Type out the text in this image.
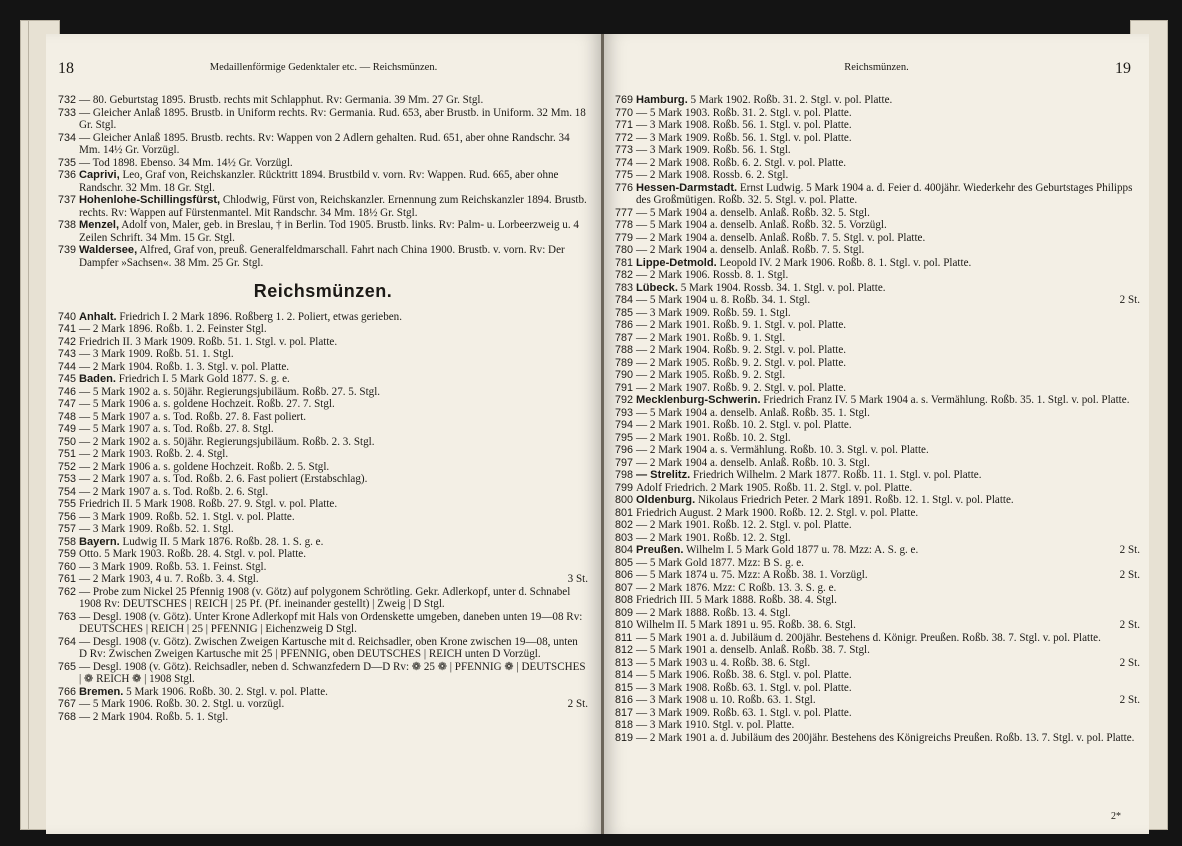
18	Medaillenförmige Gedenktaler etc. — Reichsmünzen.
732 — 80. Geburtstag 1895. Brustb. rechts mit Schlapphut. Rv: Germania. 39 Mm. 27 Gr. Stgl.
733 — Gleicher Anlaß 1895. Brustb. in Uniform rechts. Rv: Germania. Rud. 653, aber Brustb. in Uniform. 32 Mm. 18 Gr. Stgl.
734 — Gleicher Anlaß 1895. Brustb. rechts. Rv: Wappen von 2 Adlern gehalten. Rud. 651, aber ohne Randschr. 34 Mm. 14½ Gr. Vorzügl.
735 — Tod 1898. Ebenso. 34 Mm. 14½ Gr. Vorzügl.
736 Caprivi, Leo, Graf von, Reichskanzler. Rücktritt 1894. Brustbild v. vorn. Rv: Wappen. Rud. 665, aber ohne Randschr. 32 Mm. 18 Gr. Stgl.
737 Hohenlohe-Schillingsfürst, Chlodwig, Fürst von, Reichskanzler. Ernennung zum Reichskanzler 1894. Brustb. rechts. Rv: Wappen auf Fürstenmantel. Mit Randschr. 34 Mm. 18½ Gr. Stgl.
738 Menzel, Adolf von, Maler, geb. in Breslau, † in Berlin. Tod 1905. Brustb. links. Rv: Palm- u. Lorbeerzweig u. 4 Zeilen Schrift. 34 Mm. 15 Gr. Stgl.
739 Waldersee, Alfred, Graf von, preuß. Generalfeldmarschall. Fahrt nach China 1900. Brustb. v. vorn. Rv: Der Dampfer »Sachsen«. 38 Mm. 25 Gr. Stgl.
Reichsmünzen.
740 Anhalt. Friedrich I. 2 Mark 1896. Roßberg 1. 2. Poliert, etwas gerieben.
741 — 2 Mark 1896. Roßb. 1. 2. Feinster Stgl.
742 Friedrich II. 3 Mark 1909. Roßb. 51. 1. Stgl. v. pol. Platte.
743 — 3 Mark 1909. Roßb. 51. 1. Stgl.
744 — 2 Mark 1904. Roßb. 1. 3. Stgl. v. pol. Platte.
745 Baden. Friedrich I. 5 Mark Gold 1877. S. g. e.
746 — 5 Mark 1902 a. s. 50jähr. Regierungsjubiläum. Roßb. 27. 5. Stgl.
747 — 5 Mark 1906 a. s. goldene Hochzeit. Roßb. 27. 7. Stgl.
748 — 5 Mark 1907 a. s. Tod. Roßb. 27. 8. Fast poliert.
749 — 5 Mark 1907 a. s. Tod. Roßb. 27. 8. Stgl.
750 — 2 Mark 1902 a. s. 50jähr. Regierungsjubiläum. Roßb. 2. 3. Stgl.
751 — 2 Mark 1903. Roßb. 2. 4. Stgl.
752 — 2 Mark 1906 a. s. goldene Hochzeit. Roßb. 2. 5. Stgl.
753 — 2 Mark 1907 a. s. Tod. Roßb. 2. 6. Fast poliert (Erstabschlag).
754 — 2 Mark 1907 a. s. Tod. Roßb. 2. 6. Stgl.
755 Friedrich II. 5 Mark 1908. Roßb. 27. 9. Stgl. v. pol. Platte.
756 — 3 Mark 1909. Roßb. 52. 1. Stgl. v. pol. Platte.
757 — 3 Mark 1909. Roßb. 52. 1. Stgl.
758 Bayern. Ludwig II. 5 Mark 1876. Roßb. 28. 1. S. g. e.
759 Otto. 5 Mark 1903. Roßb. 28. 4. Stgl. v. pol. Platte.
760 — 3 Mark 1909. Roßb. 53. 1. Feinst. Stgl.
3 St.
761 — 2 Mark 1903, 4 u. 7. Roßb. 3. 4. Stgl.
762 — Probe zum Nickel 25 Pfennig 1908 (v. Götz) auf polygonem Schrötling. Gekr. Adlerkopf, unter d. Schnabel 1908 Rv: DEUTSCHES | REICH | 25 Pf. (Pf. ineinander gestellt) | Zweig | D Stgl.
763 — Desgl. 1908 (v. Götz). Unter Krone Adlerkopf mit Hals von Ordenskette umgeben, daneben unten 19—08 Rv: DEUTSCHES | REICH | 25 | PFENNIG | Eichenzweig D Stgl.
764 — Desgl. 1908 (v. Götz). Zwischen Zweigen Kartusche mit d. Reichsadler, oben Krone zwischen 19—08, unten D Rv: Zwischen Zweigen Kartusche mit 25 | PFENNIG, oben DEUTSCHES | REICH unten D Vorzügl.
765 — Desgl. 1908 (v. Götz). Reichsadler, neben d. Schwanzfedern D—D Rv: ❁ 25 ❁ | PFENNIG ❁ | DEUTSCHES | ❁ REICH ❁ | 1908 Stgl.
766 Bremen. 5 Mark 1906. Roßb. 30. 2. Stgl. v. pol. Platte.
2 St.
767 — 5 Mark 1906. Roßb. 30. 2. Stgl. u. vorzügl.
768 — 2 Mark 1904. Roßb. 5. 1. Stgl.
Reichsmünzen.	19
769 Hamburg. 5 Mark 1902. Roßb. 31. 2. Stgl. v. pol. Platte.
770 — 5 Mark 1903. Roßb. 31. 2. Stgl. v. pol. Platte.
771 — 3 Mark 1908. Roßb. 56. 1. Stgl. v. pol. Platte.
772 — 3 Mark 1909. Roßb. 56. 1. Stgl. v. pol. Platte.
773 — 3 Mark 1909. Roßb. 56. 1. Stgl.
774 — 2 Mark 1908. Roßb. 6. 2. Stgl. v. pol. Platte.
775 — 2 Mark 1908. Rossb. 6. 2. Stgl.
776 Hessen-Darmstadt. Ernst Ludwig. 5 Mark 1904 a. d. Feier d. 400jähr. Wiederkehr des Geburtstages Philipps des Großmütigen. Roßb. 32. 5. Stgl. v. pol. Platte.
777 — 5 Mark 1904 a. denselb. Anlaß. Roßb. 32. 5. Stgl.
778 — 5 Mark 1904 a. denselb. Anlaß. Roßb. 32. 5. Vorzügl.
779 — 2 Mark 1904 a. denselb. Anlaß. Roßb. 7. 5. Stgl. v. pol. Platte.
780 — 2 Mark 1904 a. denselb. Anlaß. Roßb. 7. 5. Stgl.
781 Lippe-Detmold. Leopold IV. 2 Mark 1906. Roßb. 8. 1. Stgl. v. pol. Platte.
782 — 2 Mark 1906. Rossb. 8. 1. Stgl.
783 Lübeck. 5 Mark 1904. Rossb. 34. 1. Stgl. v. pol. Platte.
2 St.
784 — 5 Mark 1904 u. 8. Roßb. 34. 1. Stgl.
785 — 3 Mark 1909. Roßb. 59. 1. Stgl.
786 — 2 Mark 1901. Roßb. 9. 1. Stgl. v. pol. Platte.
787 — 2 Mark 1901. Roßb. 9. 1. Stgl.
788 — 2 Mark 1904. Roßb. 9. 2. Stgl. v. pol. Platte.
789 — 2 Mark 1905. Roßb. 9. 2. Stgl. v. pol. Platte.
790 — 2 Mark 1905. Roßb. 9. 2. Stgl.
791 — 2 Mark 1907. Roßb. 9. 2. Stgl. v. pol. Platte.
792 Mecklenburg-Schwerin. Friedrich Franz IV. 5 Mark 1904 a. s. Vermählung. Roßb. 35. 1. Stgl. v. pol. Platte.
793 — 5 Mark 1904 a. denselb. Anlaß. Roßb. 35. 1. Stgl.
794 — 2 Mark 1901. Roßb. 10. 2. Stgl. v. pol. Platte.
795 — 2 Mark 1901. Roßb. 10. 2. Stgl.
796 — 2 Mark 1904 a. s. Vermählung. Roßb. 10. 3. Stgl. v. pol. Platte.
797 — 2 Mark 1904 a. denselb. Anlaß. Roßb. 10. 3. Stgl.
798 — Strelitz. Friedrich Wilhelm. 2 Mark 1877. Roßb. 11. 1. Stgl. v. pol. Platte.
799 Adolf Friedrich. 2 Mark 1905. Roßb. 11. 2. Stgl. v. pol. Platte.
800 Oldenburg. Nikolaus Friedrich Peter. 2 Mark 1891. Roßb. 12. 1. Stgl. v. pol. Platte.
801 Friedrich August. 2 Mark 1900. Roßb. 12. 2. Stgl. v. pol. Platte.
802 — 2 Mark 1901. Roßb. 12. 2. Stgl. v. pol. Platte.
803 — 2 Mark 1901. Roßb. 12. 2. Stgl.
2 St.
804 Preußen. Wilhelm I. 5 Mark Gold 1877 u. 78. Mzz: A. S. g. e.
805 — 5 Mark Gold 1877. Mzz: B S. g. e.
2 St.
806 — 5 Mark 1874 u. 75. Mzz: A Roßb. 38. 1. Vorzügl.
807 — 2 Mark 1876. Mzz: C Roßb. 13. 3. S. g. e.
808 Friedrich III. 5 Mark 1888. Roßb. 38. 4. Stgl.
809 — 2 Mark 1888. Roßb. 13. 4. Stgl.
2 St.
810 Wilhelm II. 5 Mark 1891 u. 95. Roßb. 38. 6. Stgl.
811 — 5 Mark 1901 a. d. Jubiläum d. 200jähr. Bestehens d. Königr. Preußen. Roßb. 38. 7. Stgl. v. pol. Platte.
812 — 5 Mark 1901 a. denselb. Anlaß. Roßb. 38. 7. Stgl.
2 St.
813 — 5 Mark 1903 u. 4. Roßb. 38. 6. Stgl.
814 — 5 Mark 1906. Roßb. 38. 6. Stgl. v. pol. Platte.
815 — 3 Mark 1908. Roßb. 63. 1. Stgl. v. pol. Platte.
2 St.
816 — 3 Mark 1908 u. 10. Roßb. 63. 1. Stgl.
817 — 3 Mark 1909. Roßb. 63. 1. Stgl. v. pol. Platte.
818 — 3 Mark 1910. Stgl. v. pol. Platte.
819 — 2 Mark 1901 a. d. Jubiläum des 200jähr. Bestehens des Königreichs Preußen. Roßb. 13. 7. Stgl. v. pol. Platte.
2*
